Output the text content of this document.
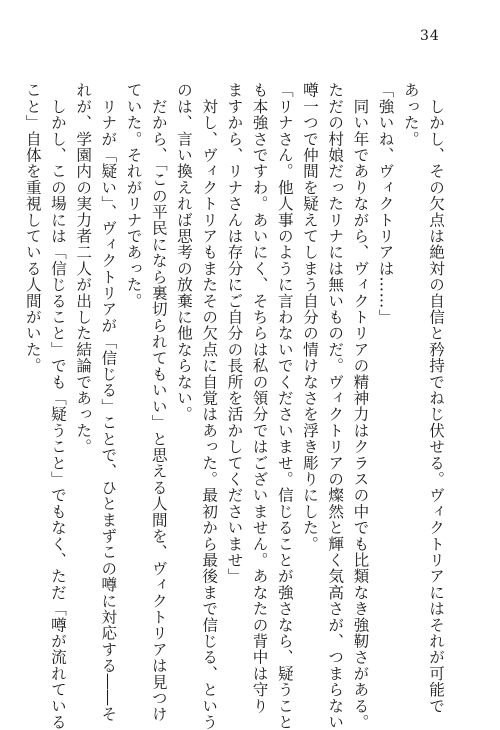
34
　しかし、その欠点は絶対の自信と矜持でねじ伏せる。ヴィクトリアにはそれが可能で
あった。
「強いね、ヴィクトリアは……」
　同い年でありながら、ヴィクトリアの精神力はクラスの中でも比類なき強靭さがある。
ただの村娘だったリナには無いものだ。ヴィクトリアの燦然と輝く気高さが、つまらない
噂一つで仲間を疑えてしまう自分の情けなさを浮き彫りにした。
「リナさん。他人事のように言わないでくださいませ。信じることが強さなら、疑うこと
も本強さですわ。あいにく、そちらは私の領分ではございません。あなたの背中は守り
ますから、リナさんは存分にご自分の長所を活かしてくださいませ」
　対し、ヴィクトリアもまたその欠点に自覚はあった。最初から最後まで信じる、という
のは、言い換えれば思考の放棄に他ならない。
　だから、「この平民になら裏切られてもいい」と思える人間を、ヴィクトリアは見つけ
ていた。それがリナであった。
　リナが「疑い」、ヴィクトリアが「信じる」ことで、ひとまずこの噂に対応する――そ
れが、学園内の実力者二人が出した結論であった。
　しかし、この場には「信じること」でも「疑うこと」でもなく、ただ「噂が流れている
こと」自体を重視している人間がいた。
